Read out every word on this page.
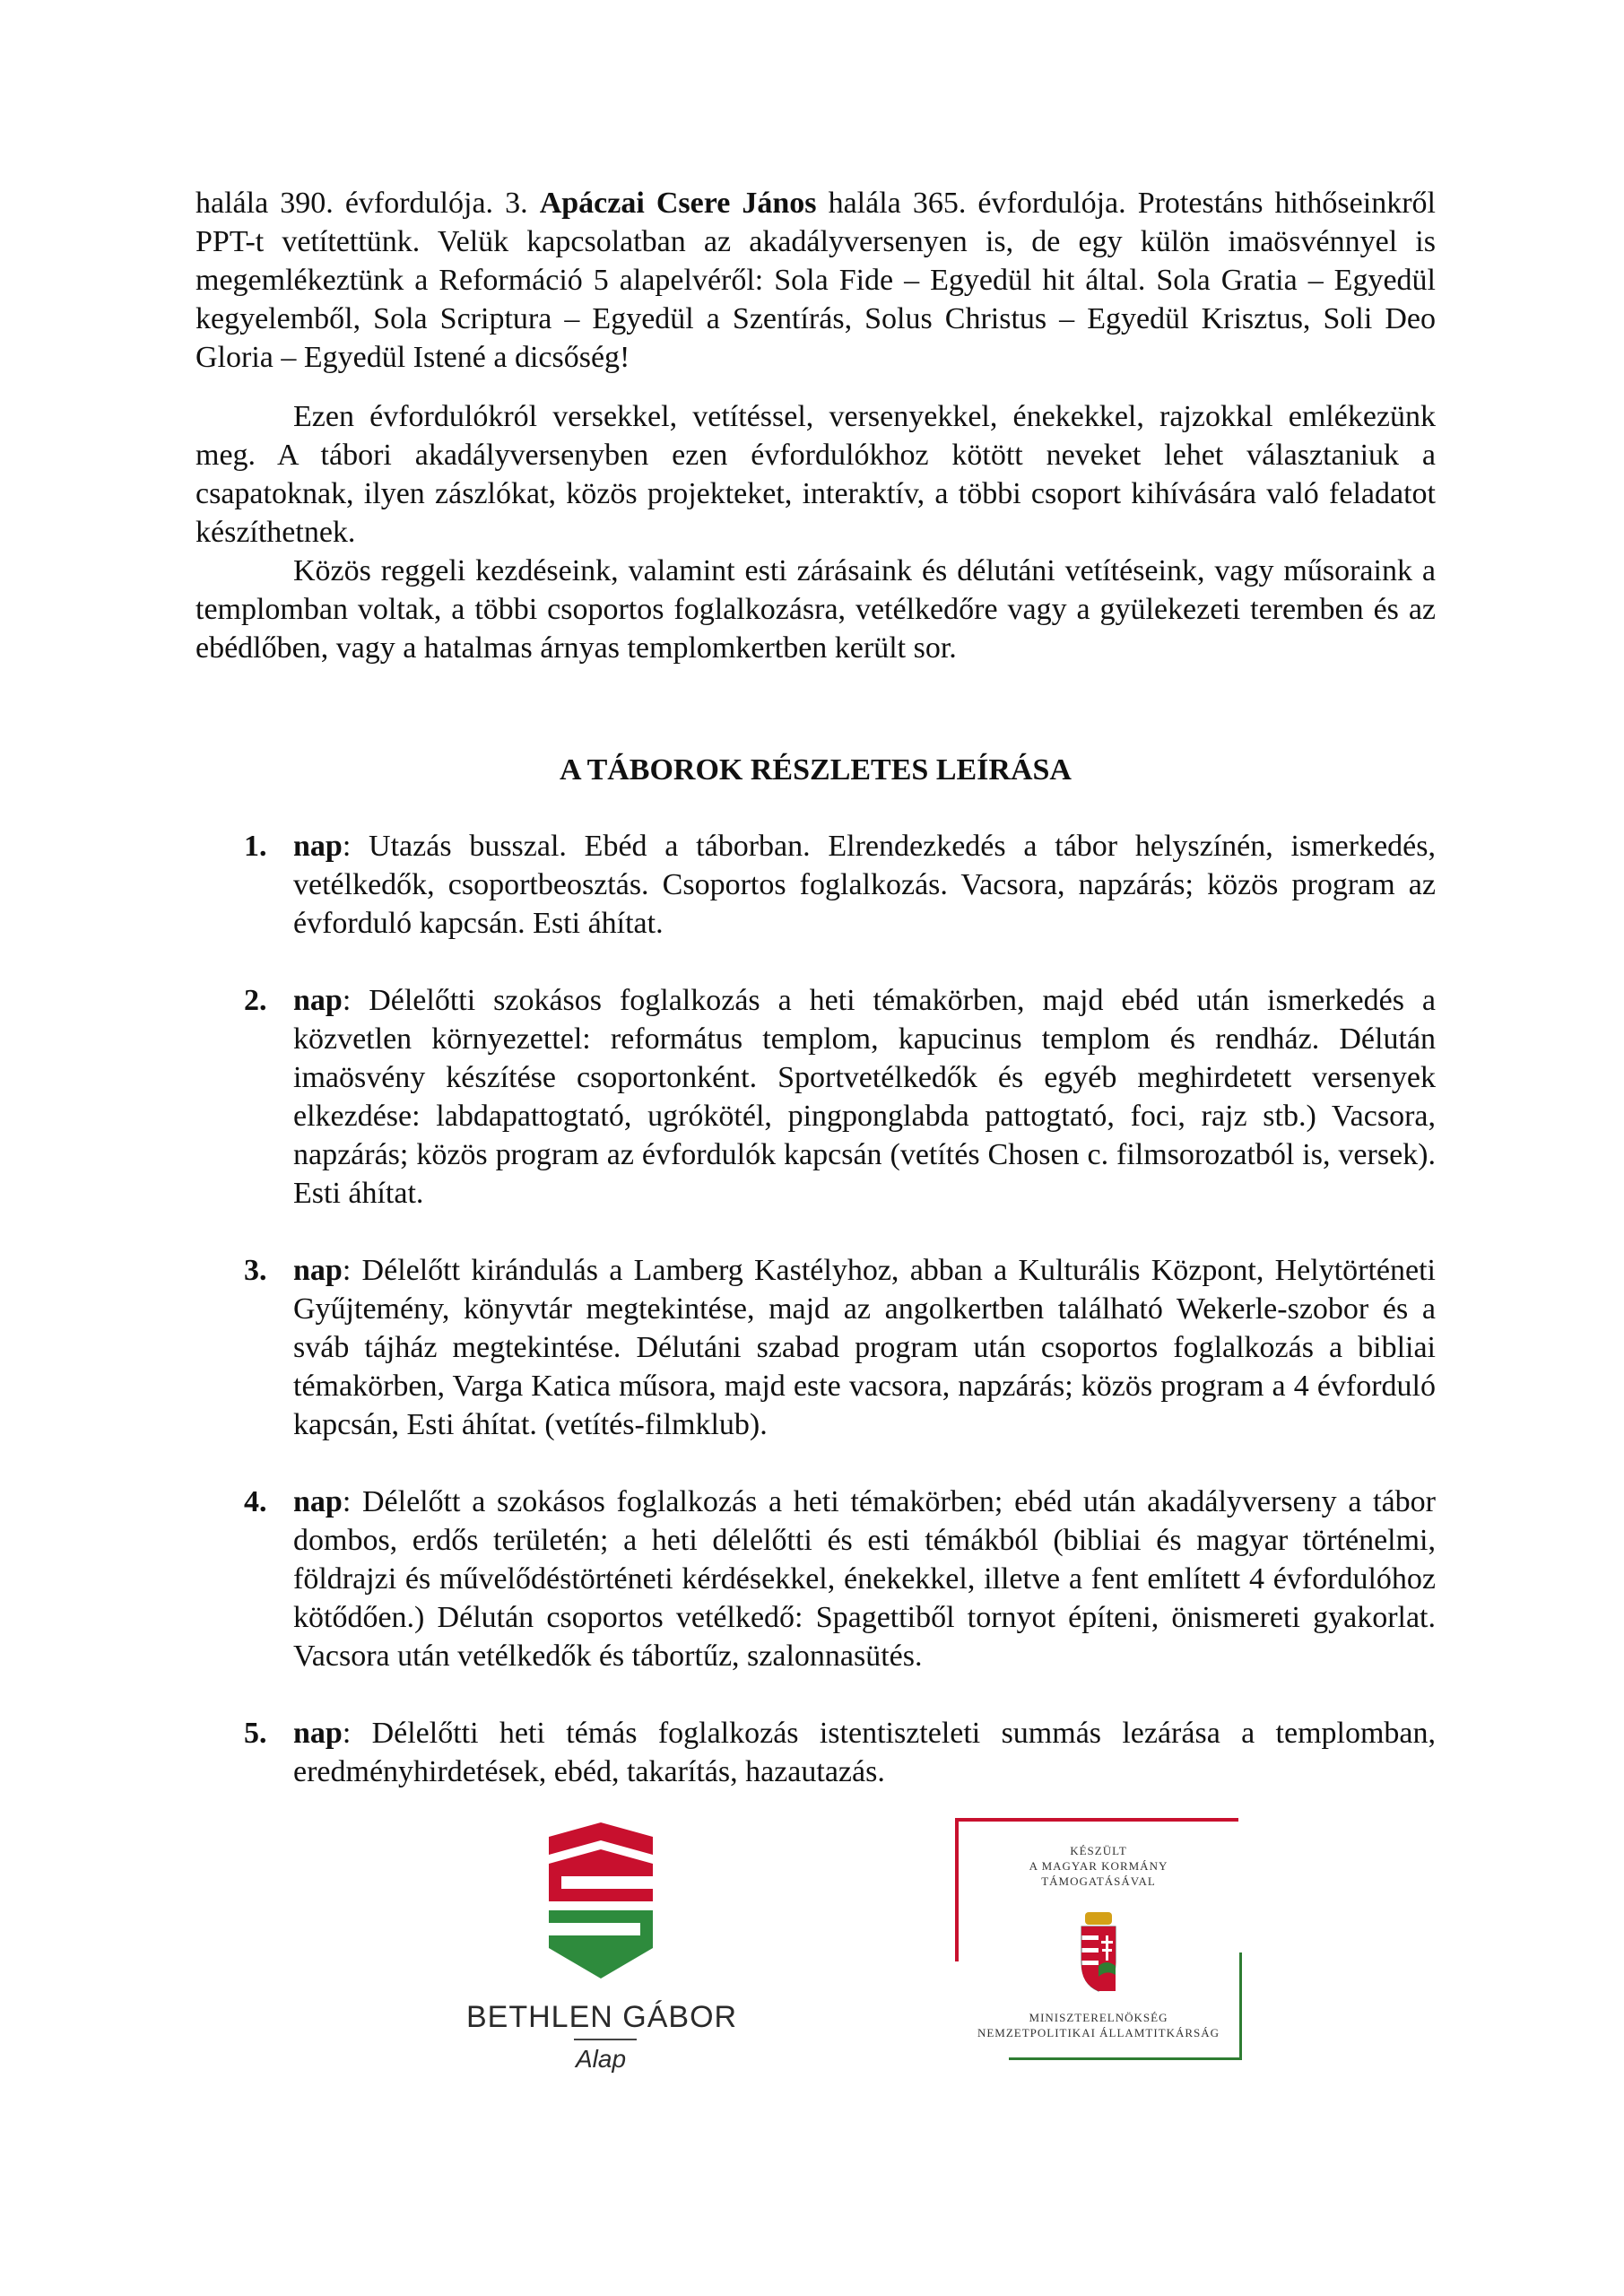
halála 390. évfordulója. 3. Apáczai Csere János halála 365. évfordulója. Protestáns hithőseinkről PPT-t vetítettünk. Velük kapcsolatban az akadályversenyen is, de egy külön imaösvénnyel is megemlékeztünk a Reformáció 5 alapelvéről: Sola Fide – Egyedül hit által. Sola Gratia – Egyedül kegyelemből, Sola Scriptura – Egyedül a Szentírás, Solus Christus – Egyedül Krisztus, Soli Deo Gloria – Egyedül Istené a dicsőség!

Ezen évfordulókról versekkel, vetítéssel, versenyekkel, énekekkel, rajzokkal emlékezünk meg. A tábori akadályversenyben ezen évfordulókhoz kötött neveket lehet választaniuk a csapatoknak, ilyen zászlókat, közös projekteket, interaktív, a többi csoport kihívására való feladatot készíthetnek.

Közös reggeli kezdéseink, valamint esti zárásaink és délutáni vetítéseink, vagy műsoraink a templomban voltak, a többi csoportos foglalkozásra, vetélkedőre vagy a gyülekezeti teremben és az ebédlőben, vagy a hatalmas árnyas templomkertben került sor.

A TÁBOROK RÉSZLETES LEÍRÁSA
1. nap: Utazás busszal. Ebéd a táborban. Elrendezkedés a tábor helyszínén, ismerkedés, vetélkedők, csoportbeosztás. Csoportos foglalkozás. Vacsora, napzárás; közös program az évforduló kapcsán. Esti áhítat.
2. nap: Délelőtti szokásos foglalkozás a heti témakörben, majd ebéd után ismerkedés a közvetlen környezettel: református templom, kapucinus templom és rendház. Délután imaösvény készítése csoportonként. Sportvetélkedők és egyéb meghirdetett versenyek elkezdése: labdapattogtató, ugrókötél, pingponglabda pattogtató, foci, rajz stb.) Vacsora, napzárás; közös program az évfordulók kapcsán (vetítés Chosen c. filmsorozatból is, versek). Esti áhítat.
3. nap: Délelőtt kirándulás a Lamberg Kastélyhoz, abban a Kulturális Központ, Helytörténeti Gyűjtemény, könyvtár megtekintése, majd az angolkertben található Wekerle-szobor és a sváb tájház megtekintése. Délutáni szabad program után csoportos foglalkozás a bibliai témakörben, Varga Katica műsora, majd este vacsora, napzárás; közös program a 4 évforduló kapcsán, Esti áhítat. (vetítés-filmklub).
4. nap: Délelőtt a szokásos foglalkozás a heti témakörben; ebéd után akadályverseny a tábor dombos, erdős területén; a heti délelőtti és esti témákból (bibliai és magyar történelmi, földrajzi és művelődéstörténeti kérdésekkel, énekekkel, illetve a fent említett 4 évfordulóhoz kötődően.) Délután csoportos vetélkedő: Spagettiből tornyot építeni, önismereti gyakorlat. Vacsora után vetélkedők és tábortűz, szalonnasütés.
5. nap: Délelőtti heti témás foglalkozás istentiszteleti summás lezárása a templomban, eredményhirdetések, ebéd, takarítás, hazautazás.
BETHLEN GÁBOR
Alap
KÉSZÜLT
A MAGYAR KORMÁNY
TÁMOGATÁSÁVAL
MINISZTERELNÖKSÉG
NEMZETPOLITIKAI ÁLLAMTITKÁRSÁG
